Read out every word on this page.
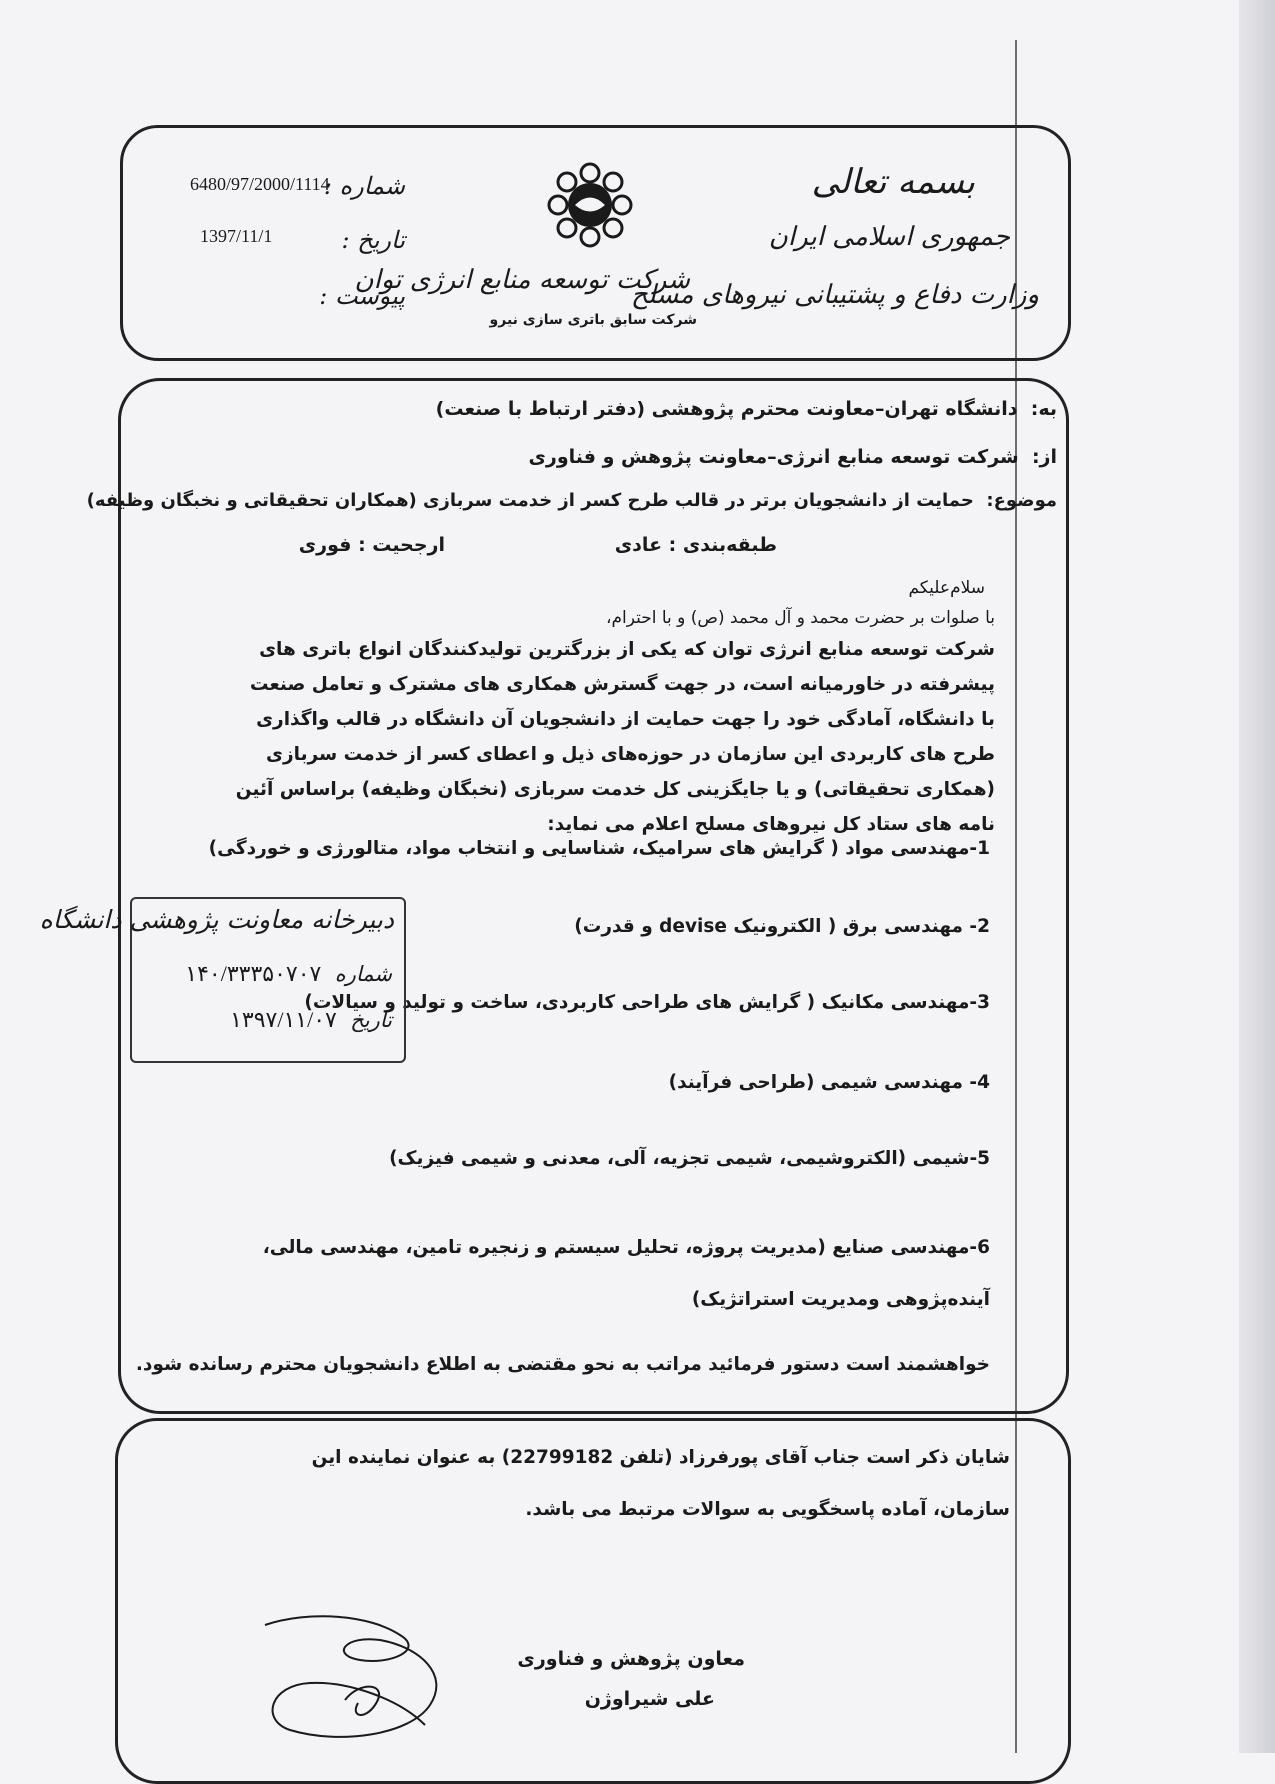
بسمه تعالی
جمهوری اسلامی ایران
وزارت دفاع و پشتیبانی نیروهای مسلح
شرکت توسعه منابع انرژی توان
شرکت سابق باتری سازی نیرو
شماره :
6480/97/2000/1114
تاریخ :
1397/11/1
پیوست :
به:  دانشگاه تهران–معاونت محترم پژوهشی (دفتر ارتباط با صنعت)
از:  شرکت توسعه منابع انرژی–معاونت پژوهش و فناوری
موضوع:  حمایت از دانشجویان برتر در قالب طرح کسر از خدمت سربازی (همکاران تحقیقاتی و نخبگان وظیفه)
طبقه‌بندی : عادی
ارجحیت : فوری
سلام‌علیکم
با صلوات بر حضرت محمد و آل محمد (ص) و با احترام،
شرکت توسعه منابع انرژی توان که یکی از بزرگترین تولیدکنندگان انواع باتری های پیشرفته در خاورمیانه است، در جهت گسترش همکاری های مشترک و تعامل صنعت با دانشگاه، آمادگی خود را جهت حمایت از دانشجویان آن دانشگاه در قالب واگذاری طرح های کاربردی این سازمان در حوزه‌های ذیل و اعطای کسر از خدمت سربازی (همکاری تحقیقاتی) و یا جایگزینی کل خدمت سربازی (نخبگان وظیفه) براساس آئین نامه های ستاد کل نیروهای مسلح اعلام می نماید:
1-مهندسی مواد ( گرایش های سرامیک، شناسایی و انتخاب مواد، متالورژی و خوردگی)
2- مهندسی برق ( الکترونیک devise و قدرت)
3-مهندسی مکانیک ( گرایش های طراحی کاربردی، ساخت و تولید و سیالات)
4- مهندسی شیمی (طراحی فرآیند)
5-شیمی (الکتروشیمی، شیمی تجزیه، آلی، معدنی و شیمی فیزیک)
6-مهندسی صنایع (مدیریت پروژه، تحلیل سیستم و زنجیره تامین، مهندسی مالی، آینده‌پژوهی ومدیریت استراتژیک)
خواهشمند است دستور فرمائید مراتب به نحو مقتضی به اطلاع دانشجویان محترم رسانده شود.
دبیرخانه معاونت پژوهشی دانشگاه
شماره  ۱۴۰/۳۳۳۵۰۷۰۷
تاریخ  ۱۳۹۷/۱۱/۰۷
شایان ذکر است جناب آقای پورفرزاد (تلفن 22799182) به عنوان نماینده این سازمان، آماده پاسخگویی به سوالات مرتبط می باشد.
معاون پژوهش و فناوری
علی شیراوژن
